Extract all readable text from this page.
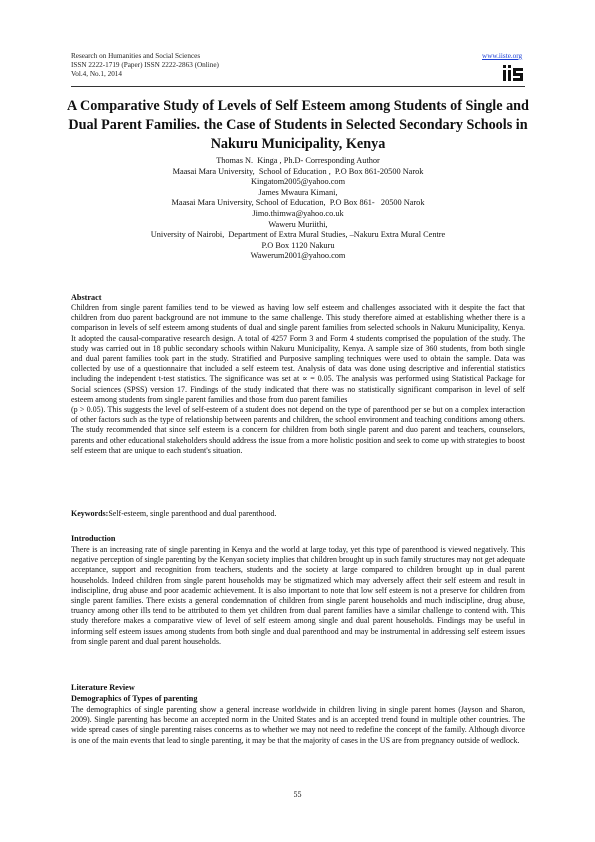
Research on Humanities and Social Sciences
ISSN 2222-1719 (Paper) ISSN 2222-2863 (Online)
Vol.4, No.1, 2014
www.iiste.org
A Comparative Study of Levels of Self Esteem among Students of Single and Dual Parent Families. the Case of Students in Selected Secondary Schools in Nakuru Municipality, Kenya
Thomas N.  Kinga , Ph.D- Corresponding Author
Maasai Mara University,  School of Education ,  P.O Box 861-20500 Narok
Kingatom2005@yahoo.com
James Mwaura Kimani,
Maasai Mara University, School of Education,  P.O Box 861-   20500 Narok
Jimo.thimwa@yahoo.co.uk
Waweru Muriithi,
University of Nairobi,  Department of Extra Mural Studies, –Nakuru Extra Mural Centre
P.O Box 1120 Nakuru
Wawerum2001@yahoo.com
Abstract

Children from single parent families tend to be viewed as having low self esteem and challenges associated with it despite the fact that children from duo parent background are not immune to the same challenge. This study therefore aimed at establishing whether there is a comparison in levels of self esteem among students of dual and single parent families from selected schools in Nakuru Municipality, Kenya. It adopted the causal-comparative research design. A total of 4257 Form 3 and Form 4 students comprised the population of the study. The study was carried out in 18 public secondary schools within Nakuru Municipality, Kenya. A sample size of 360 students, from both single and dual parent families took part in the study. Stratified and Purposive sampling techniques were used to obtain the sample. Data was collected by use of a questionnaire that included a self esteem test. Analysis of data was done using descriptive and inferential statistics including the independent t-test statistics. The significance was set at ∝ = 0.05. The analysis was performed using Statistical Package for Social sciences (SPSS) version 17. Findings of the study indicated that there was no statistically significant comparison in level of self esteem among students from single parent families and those from duo parent families

(p > 0.05). This suggests the level of self-esteem of a student does not depend on the type of parenthood per se but on a complex interaction of other factors such as the type of relationship between parents and children, the school environment and teaching conditions among others. The study recommended that since self esteem is a concern for children from both single parent and duo parent and teachers, counselors, parents and other educational stakeholders should address the issue from a more holistic position and seek to come up with strategies to boost self esteem that are unique to each student's situation.

Keywords:Self-esteem, single parenthood and dual parenthood.
Introduction
There is an increasing rate of single parenting in Kenya and the world at large today, yet this type of parenthood is viewed negatively. This negative perception of single parenting by the Kenyan society implies that children brought up in such family structures may not get adequate acceptance, support and recognition from teachers, students and the society at large compared to children brought up in dual parent households. Indeed children from single parent households may be stigmatized which may adversely affect their self esteem and result in indiscipline, drug abuse and poor academic achievement. It is also important to note that low self esteem is not a preserve for children from single parent families. There exists a general condemnation of children from single parent households and much indiscipline, drug abuse, truancy among other ills tend to be attributed to them yet children from dual parent families have a similar challenge to contend with. This study therefore makes a comparative view of level of self esteem among single and dual parent households. Findings may be useful in informing self esteem issues among students from both single and dual parenthood and may be instrumental in addressing self esteem issues from single parent and dual parent households.
Literature Review
Demographics of Types of parenting
The demographics of single parenting show a general increase worldwide in children living in single parent homes (Jayson and Sharon, 2009). Single parenting has become an accepted norm in the United States and is an accepted trend found in multiple other countries. The wide spread cases of single parenting raises concerns as to whether we may not need to redefine the concept of the family. Although divorce is one of the main events that lead to single parenting, it may be that the majority of cases in the US are from pregnancy outside of wedlock.
55
